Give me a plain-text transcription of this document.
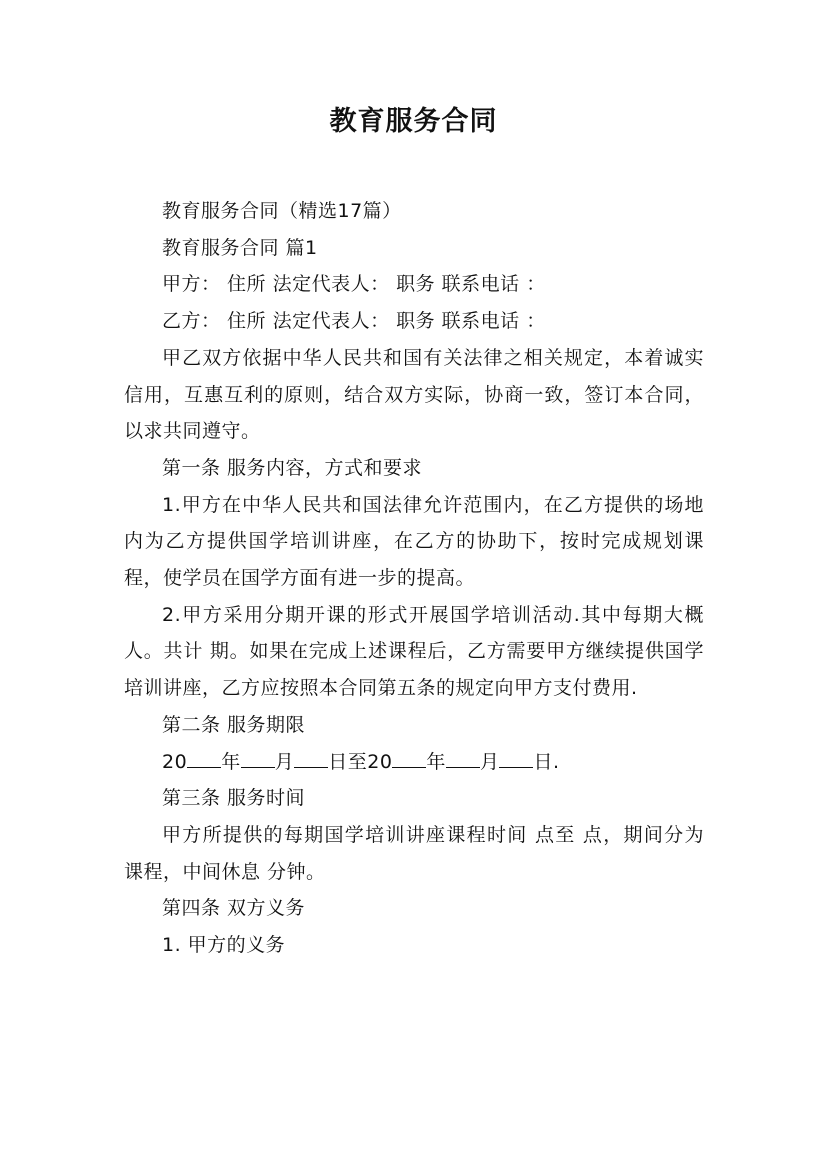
教育服务合同

教育服务合同（精选17篇）

教育服务合同 篇1

甲方： 住所 法定代表人： 职务 联系电话 ：

乙方： 住所 法定代表人： 职务 联系电话 ：

甲乙双方依据中华人民共和国有关法律之相关规定，本着诚实信用，互惠互利的原则，结合双方实际，协商一致，签订本合同，以求共同遵守。

第一条 服务内容，方式和要求

1.甲方在中华人民共和国法律允许范围内，在乙方提供的场地内为乙方提供国学培训讲座，在乙方的协助下，按时完成规划课程，使学员在国学方面有进一步的提高。

2.甲方采用分期开课的形式开展国学培训活动.其中每期大概 人。共计 期。如果在完成上述课程后，乙方需要甲方继续提供国学培训讲座，乙方应按照本合同第五条的规定向甲方支付费用.

第二条 服务期限

20 年 月 日至20 年 月 日.

第三条 服务时间

甲方所提供的每期国学培训讲座课程时间 点至 点，期间分为 课程，中间休息 分钟。

第四条 双方义务

1. 甲方的义务
